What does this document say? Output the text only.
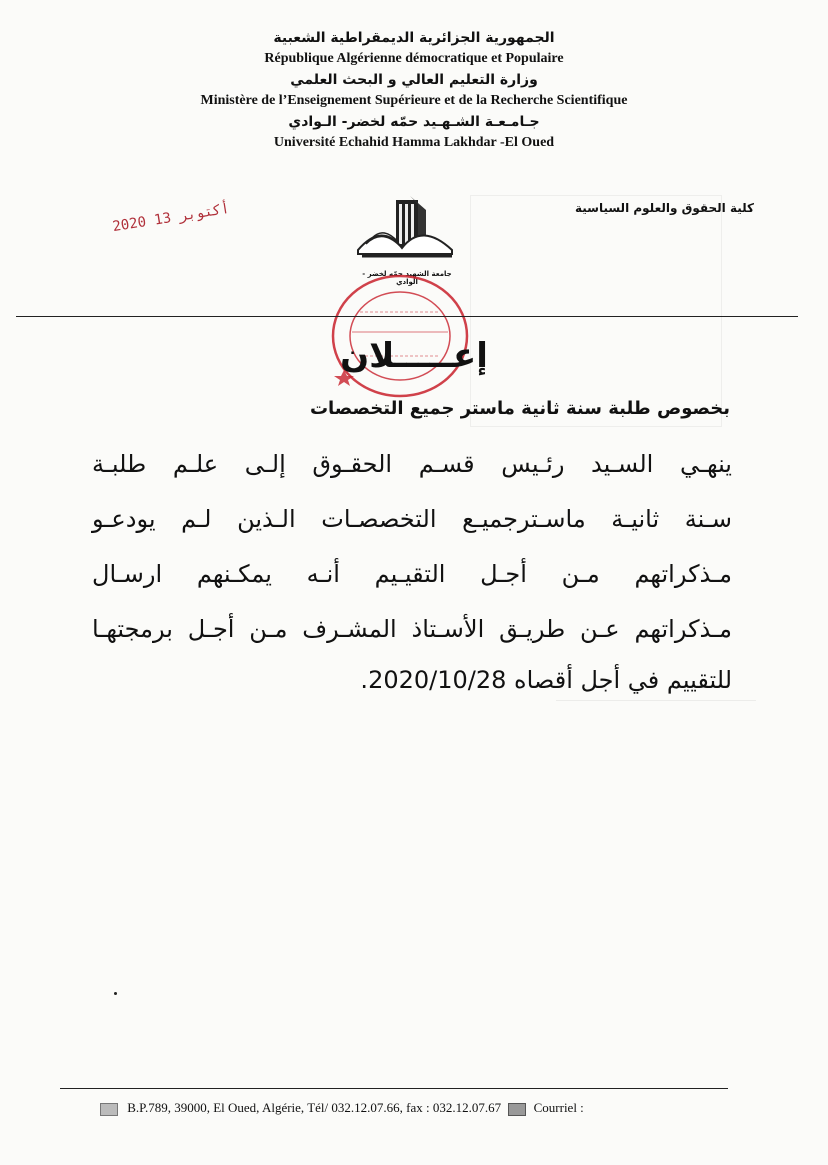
الجمهورية الجزائرية الديمقراطية الشعبية
République Algérienne démocratique et Populaire
وزارة التعليم العالي و البحث العلمي
Ministère de l’Enseignement Supérieure et de la Recherche Scientifique
جـامـعـة الشـهـيد حمّه لخضر- الـوادي
Université Echahid Hamma Lakhdar -El Oued
كلية الحقوق والعلوم السياسية
2020 أكتوبر 13
جامعة الشهيد حمّه لخضر - الوادي
إعـــــلان
بخصوص طلبة سنة ثانية ماستر جميع التخصصات
ينهـي السـيد رئـيس قسـم الحقـوق إلـى علـم طلبـة
سـنة ثانيـة ماسـترجميـع التخصصـات الـذين لـم يودعـو
مـذكراتهم مـن أجـل التقيـيم أنـه يمكـنهم ارسـال
مـذكراتهم عـن طريـق الأسـتاذ المشـرف مـن أجـل برمجتهـا
للتقييم في أجل أقصاه 2020/10/28.
B.P.789, 39000, El Oued, Algérie, Tél/ 032.12.07.66, fax : 032.12.07.67	Courriel :
